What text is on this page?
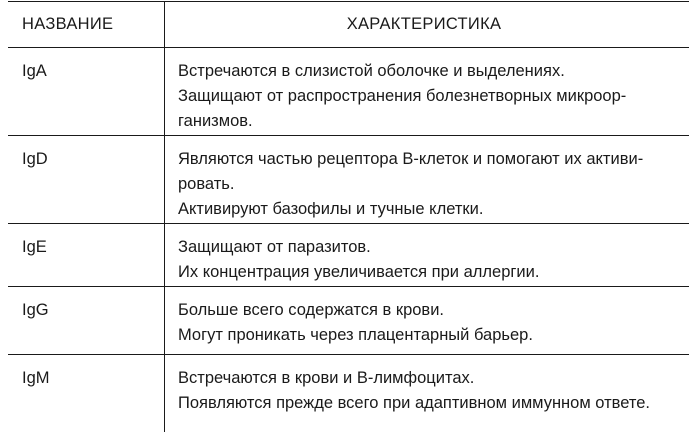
НАЗВАНИЕ	ХАРАКТЕРИСТИКА
IgA	Встречаются в слизистой оболочке и выделениях.
Защищают от распространения болезнетворных микроор-
ганизмов.
IgD	Являются частью рецептора В-клеток и помогают их активи-
ровать.
Активируют базофилы и тучные клетки.
IgE	Защищают от паразитов.
Их концентрация увеличивается при аллергии.
IgG	Больше всего содержатся в крови.
Могут проникать через плацентарный барьер.
IgM	Встречаются в крови и В-лимфоцитах.
Появляются прежде всего при адаптивном иммунном ответе.
